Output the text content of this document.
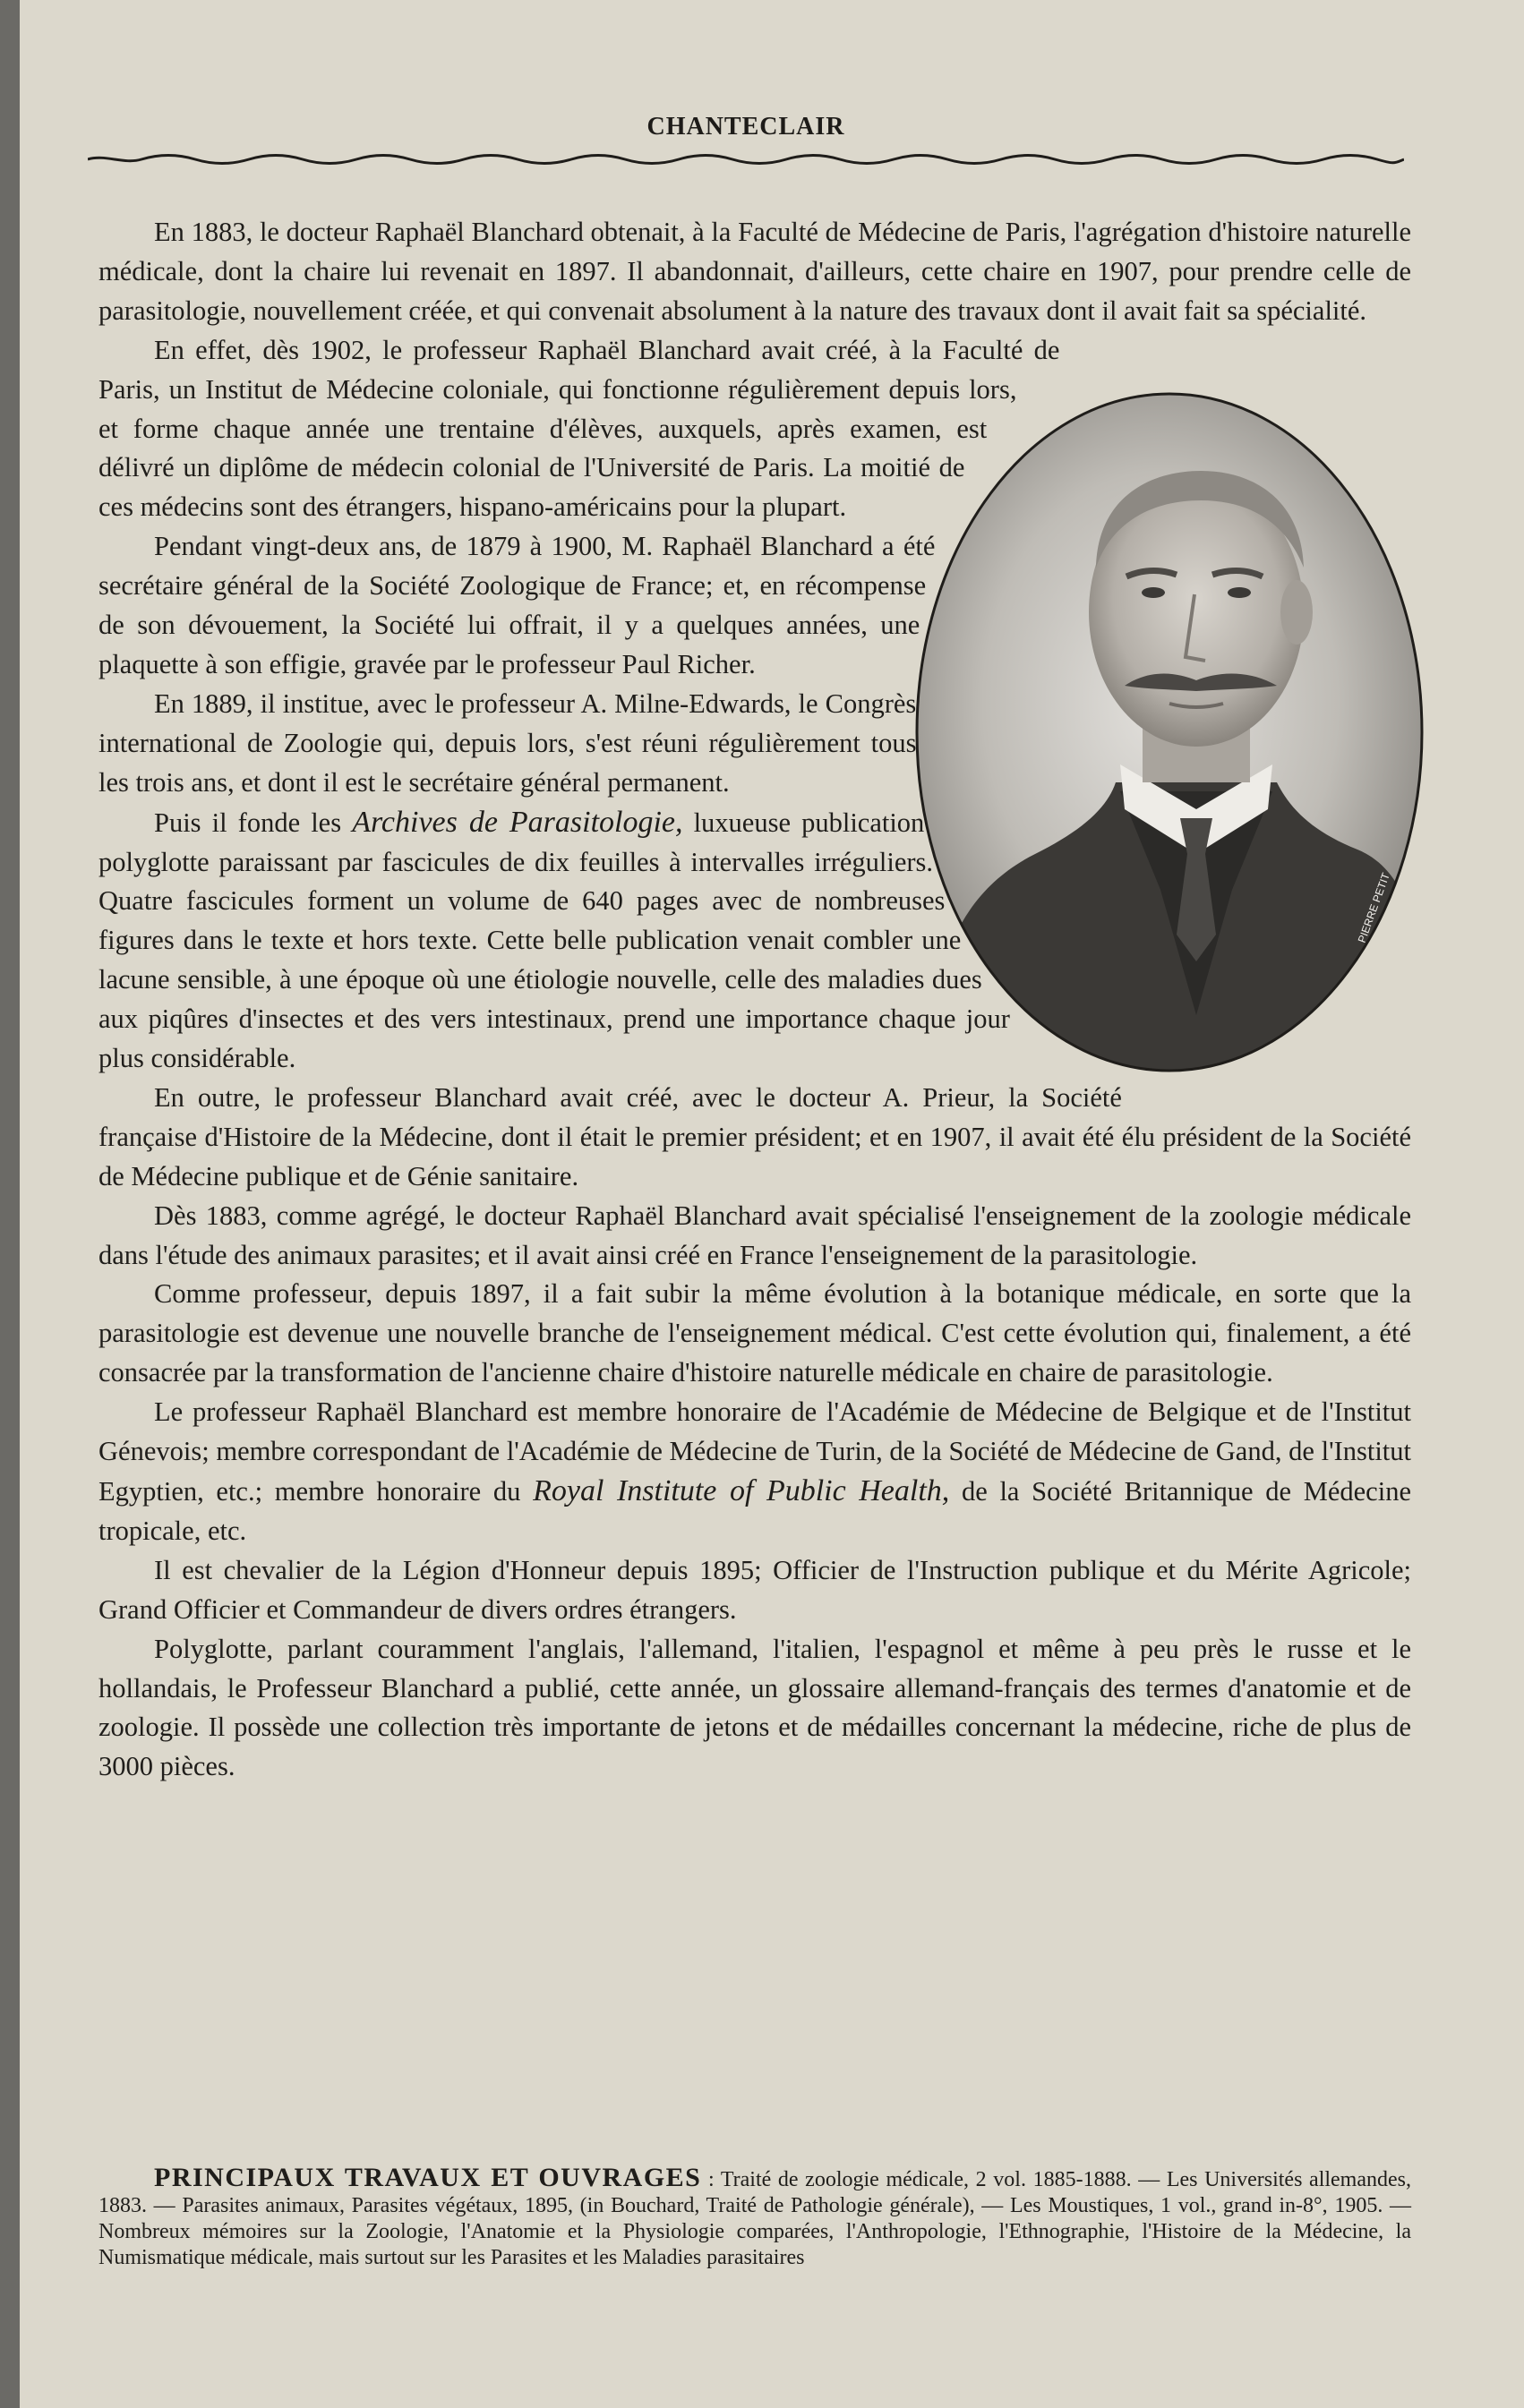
CHANTECLAIR

En 1883, le docteur Raphaël Blanchard obtenait, à la Faculté de Médecine de Paris, l'agrégation d'histoire naturelle médicale, dont la chaire lui revenait en 1897. Il abandonnait, d'ailleurs, cette chaire en 1907, pour prendre celle de parasitologie, nouvellement créée, et qui convenait absolument à la nature des travaux dont il avait fait sa spécialité.

PIERRE PETIT

En effet, dès 1902, le professeur Raphaël Blanchard avait créé, à la Faculté de Paris, un Institut de Médecine coloniale, qui fonctionne régulièrement depuis lors, et forme chaque année une trentaine d'élèves, auxquels, après examen, est délivré un diplôme de médecin colonial de l'Université de Paris. La moitié de ces médecins sont des étrangers, hispano-américains pour la plupart.

Pendant vingt-deux ans, de 1879 à 1900, M. Raphaël Blanchard a été secrétaire général de la Société Zoologique de France; et, en récompense de son dévouement, la Société lui offrait, il y a quelques années, une plaquette à son effigie, gravée par le professeur Paul Richer.

En 1889, il institue, avec le professeur A. Milne-Edwards, le Congrès international de Zoologie qui, depuis lors, s'est réuni régulièrement tous les trois ans, et dont il est le secrétaire général permanent.

Puis il fonde les Archives de Parasitologie, luxueuse publication polyglotte paraissant par fascicules de dix feuilles à intervalles irréguliers. Quatre fascicules forment un volume de 640 pages avec de nombreuses figures dans le texte et hors texte. Cette belle publication venait combler une lacune sensible, à une époque où une étiologie nouvelle, celle des maladies dues aux piqûres d'insectes et des vers intestinaux, prend une importance chaque jour plus considérable.

En outre, le professeur Blanchard avait créé, avec le docteur A. Prieur, la Société française d'Histoire de la Médecine, dont il était le premier président; et en 1907, il avait été élu président de la Société de Médecine publique et de Génie sanitaire.

Dès 1883, comme agrégé, le docteur Raphaël Blanchard avait spécialisé l'enseignement de la zoologie médicale dans l'étude des animaux parasites; et il avait ainsi créé en France l'enseignement de la parasitologie.

Comme professeur, depuis 1897, il a fait subir la même évolution à la botanique médicale, en sorte que la parasitologie est devenue une nouvelle branche de l'enseignement médical. C'est cette évolution qui, finalement, a été consacrée par la transformation de l'ancienne chaire d'histoire naturelle médicale en chaire de parasitologie.

Le professeur Raphaël Blanchard est membre honoraire de l'Académie de Médecine de Belgique et de l'Institut Génevois; membre correspondant de l'Académie de Médecine de Turin, de la Société de Médecine de Gand, de l'Institut Egyptien, etc.; membre honoraire du Royal Institute of Public Health, de la Société Britannique de Médecine tropicale, etc.

Il est chevalier de la Légion d'Honneur depuis 1895; Officier de l'Instruction publique et du Mérite Agricole; Grand Officier et Commandeur de divers ordres étrangers.

Polyglotte, parlant couramment l'anglais, l'allemand, l'italien, l'espagnol et même à peu près le russe et le hollandais, le Professeur Blanchard a publié, cette année, un glossaire allemand-français des termes d'anatomie et de zoologie. Il possède une collection très importante de jetons et de médailles concernant la médecine, riche de plus de 3000 pièces.

PRINCIPAUX TRAVAUX ET OUVRAGES : Traité de zoologie médicale, 2 vol. 1885-1888. — Les Universités allemandes, 1883. — Parasites animaux, Parasites végétaux, 1895, (in Bouchard, Traité de Pathologie générale), — Les Moustiques, 1 vol., grand in-8°, 1905. — Nombreux mémoires sur la Zoologie, l'Anatomie et la Physiologie comparées, l'Anthropologie, l'Ethnographie, l'Histoire de la Médecine, la Numismatique médicale, mais surtout sur les Parasites et les Maladies parasitaires
